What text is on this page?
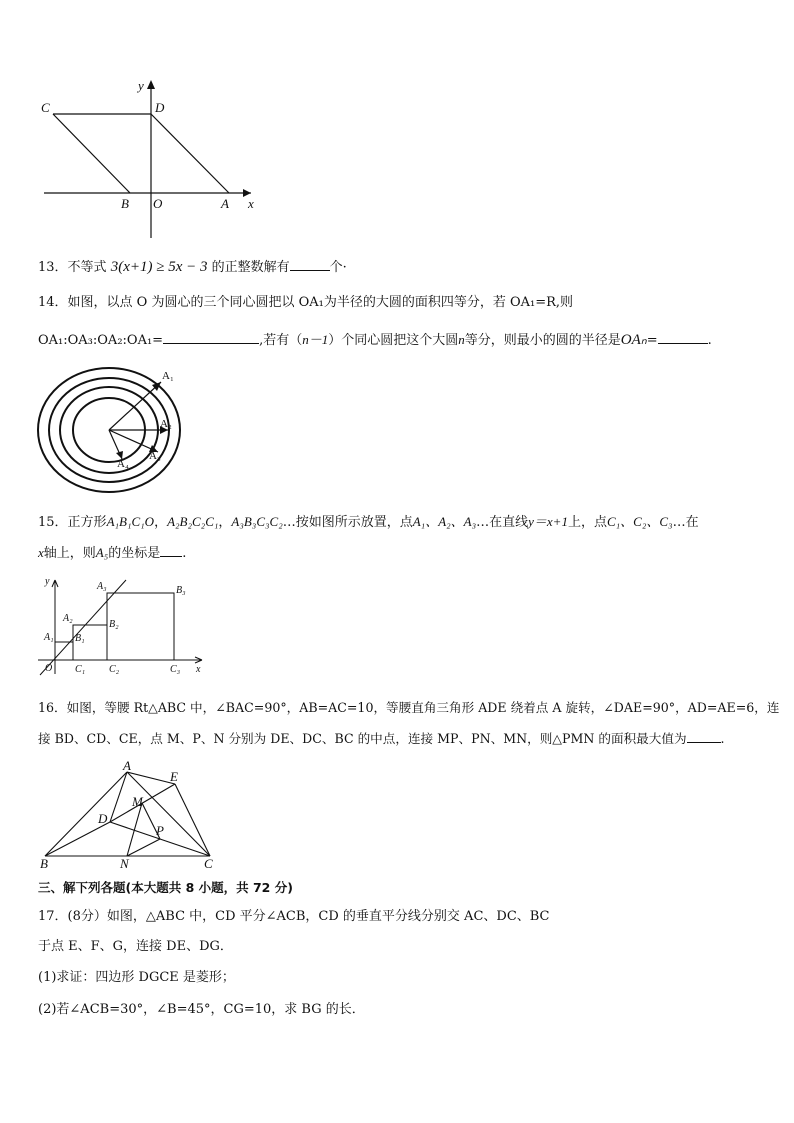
C	D
B O	A x
y
13．不等式 3(x+1) ≥ 5x − 3 的正整数解有	个·
14．如图，以点 O 为圆心的三个同心圆把以 OA₁为半径的大圆的面积四等分，若 OA₁=R,则
OA₁:OA₃:OA₂:OA₁=	,若有（n－1）个同心圆把这个大圆n等分，则最小的圆的半径是OAₙ=	.
A₁
A₂
A₃
A₄
15．正方形A₁B₁C₁O，A₂B₂C₂C₁，A₃B₃C₃C₂…按如图所示放置，点A₁、A₂、A₃…在直线y＝x+1上，点C₁、C₂、C₃…在
x轴上，则A₅的坐标是 .
y
x
O
A₁
A₂
A₃
B₁
B₂
B₃
C₁ C₂	C₃
16．如图，等腰 Rt△ABC 中，∠BAC=90°，AB=AC=10，等腰直角三角形 ADE 绕着点 A 旋转，∠DAE=90°，AD=AE=6，连
接 BD、CD、CE，点 M、P、N 分别为 DE、DC、BC 的中点，连接 MP、PN、MN，则△PMN 的面积最大值为	.
A
E
M
D
P
B	N	C
三、解下列各题(本大题共 8 小题，共 72 分)
17．(8分）如图，△ABC 中，CD 平分∠ACB，CD 的垂直平分线分别交 AC、DC、BC
于点 E、F、G，连接 DE、DG．
(1)求证：四边形 DGCE 是菱形；
(2)若∠ACB=30°，∠B=45°，CG=10，求 BG 的长．
